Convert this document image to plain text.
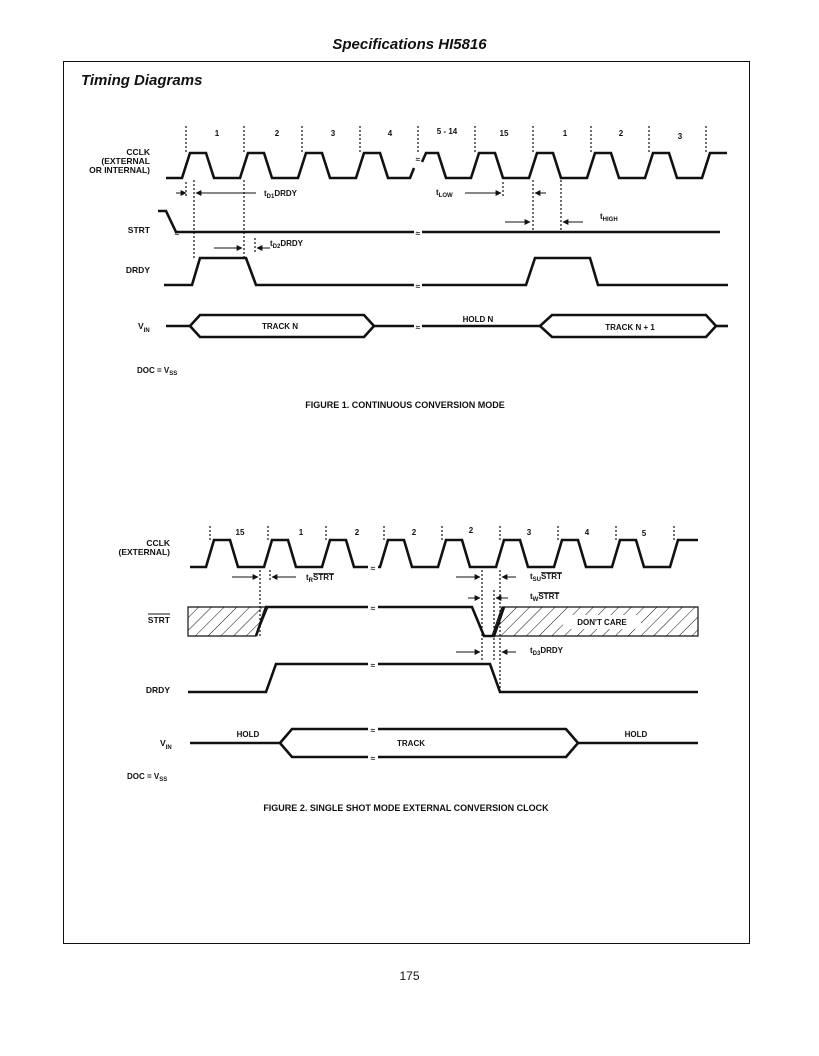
Specifications HI5816
Timing Diagrams
CCLK
(EXTERNAL
OR INTERNAL)
STRT
DRDY
$V_{IN}$
1	2	3	4	5 - 14	15	1	2	3
≈
≈	≈
≈
≈
TRACK N
HOLD N
TRACK N + 1
$t_{D1}DRDY$	$t_{LOW}$
$t_{HIGH}$
$t_{D2}DRDY$
DOC = $V_{SS}$
FIGURE 1. CONTINUOUS CONVERSION MODE
CCLK
(EXTERNAL)
STRT
DRDY
$V_{IN}$
15	1	2	2	2	3	4	5
≈
DON'T CARE
≈
≈
≈
≈
HOLD
TRACK
HOLD
$t_RSTRT$	$t_{SU}STRT$
$t_WSTRT$
$t_{D3}DRDY$
DOC = $V_{SS}$
FIGURE 2. SINGLE SHOT MODE EXTERNAL CONVERSION CLOCK
175
